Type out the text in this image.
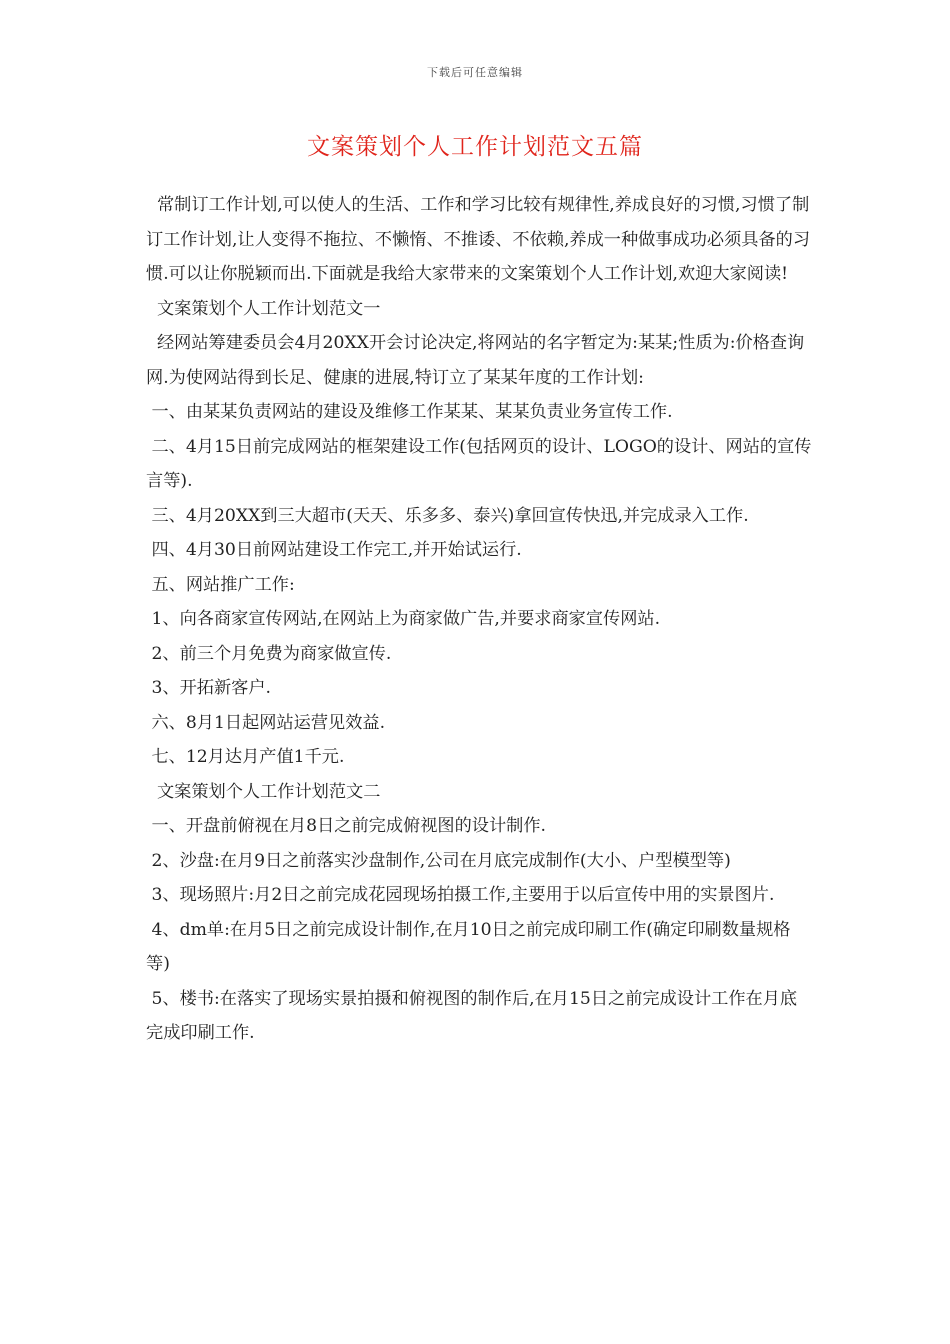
下载后可任意编辑
文案策划个人工作计划范文五篇

常制订工作计划,可以使人的生活、工作和学习比较有规律性,养成良好的习惯,习惯了制订工作计划,让人变得不拖拉、不懒惰、不推诿、不依赖,养成一种做事成功必须具备的习惯.可以让你脱颖而出.下面就是我给大家带来的文案策划个人工作计划,欢迎大家阅读!

文案策划个人工作计划范文一

经网站筹建委员会4月20XX开会讨论决定,将网站的名字暂定为:某某;性质为:价格查询网.为使网站得到长足、健康的进展,特订立了某某年度的工作计划:

一、由某某负责网站的建设及维修工作某某、某某负责业务宣传工作.

二、4月15日前完成网站的框架建设工作(包括网页的设计、LOGO的设计、网站的宣传言等).

三、4月20XX到三大超市(天天、乐多多、泰兴)拿回宣传快迅,并完成录入工作.

四、4月30日前网站建设工作完工,并开始试运行.

五、网站推广工作:

1、向各商家宣传网站,在网站上为商家做广告,并要求商家宣传网站.

2、前三个月免费为商家做宣传.

3、开拓新客户.

六、8月1日起网站运营见效益.

七、12月达月产值1千元.

文案策划个人工作计划范文二

一、开盘前俯视在月8日之前完成俯视图的设计制作.

2、沙盘:在月9日之前落实沙盘制作,公司在月底完成制作(大小、户型模型等)

3、现场照片:月2日之前完成花园现场拍摄工作,主要用于以后宣传中用的实景图片.

4、dm单:在月5日之前完成设计制作,在月10日之前完成印刷工作(确定印刷数量规格等)

5、楼书:在落实了现场实景拍摄和俯视图的制作后,在月15日之前完成设计工作在月底完成印刷工作.
